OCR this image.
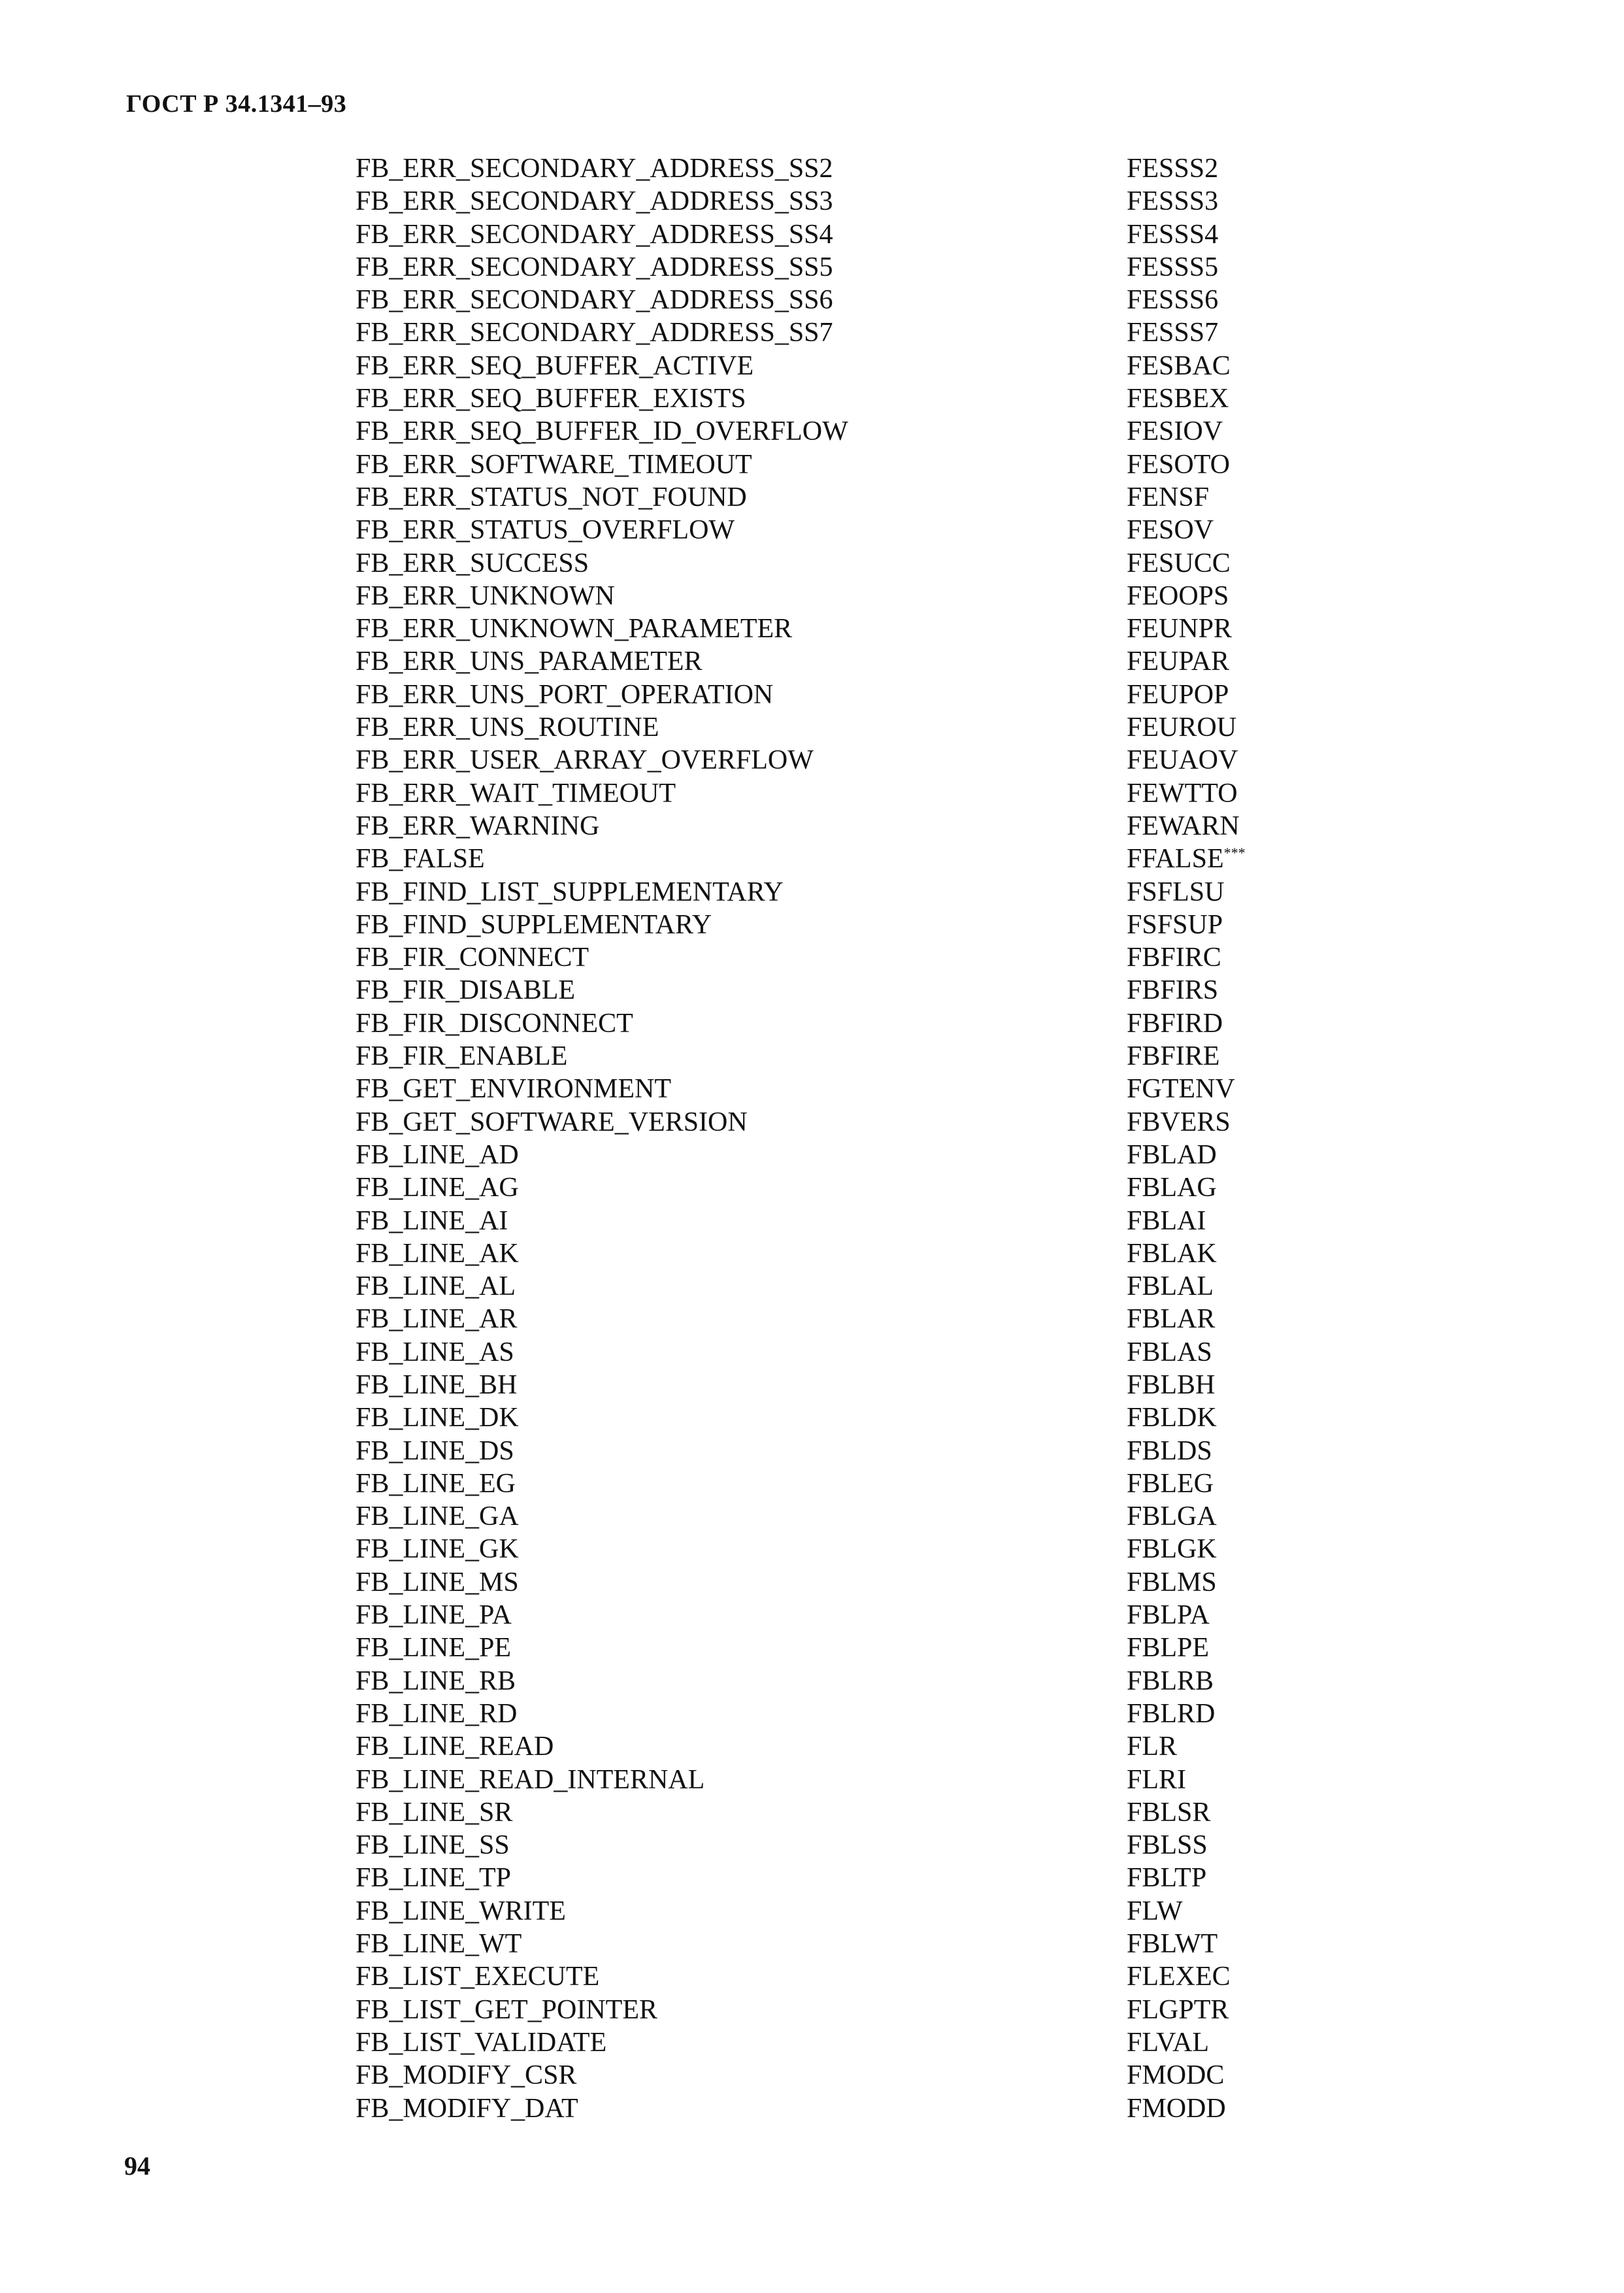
ГОСТ Р 34.1341–93
FB_ERR_SECONDARY_ADDRESS_SS2	FESSS2
FB_ERR_SECONDARY_ADDRESS_SS3	FESSS3
FB_ERR_SECONDARY_ADDRESS_SS4	FESSS4
FB_ERR_SECONDARY_ADDRESS_SS5	FESSS5
FB_ERR_SECONDARY_ADDRESS_SS6	FESSS6
FB_ERR_SECONDARY_ADDRESS_SS7	FESSS7
FB_ERR_SEQ_BUFFER_ACTIVE	FESBAC
FB_ERR_SEQ_BUFFER_EXISTS	FESBEX
FB_ERR_SEQ_BUFFER_ID_OVERFLOW	FESIOV
FB_ERR_SOFTWARE_TIMEOUT	FESOTO
FB_ERR_STATUS_NOT_FOUND	FENSF
FB_ERR_STATUS_OVERFLOW	FESOV
FB_ERR_SUCCESS	FESUCC
FB_ERR_UNKNOWN	FEOOPS
FB_ERR_UNKNOWN_PARAMETER	FEUNPR
FB_ERR_UNS_PARAMETER	FEUPAR
FB_ERR_UNS_PORT_OPERATION	FEUPOP
FB_ERR_UNS_ROUTINE	FEUROU
FB_ERR_USER_ARRAY_OVERFLOW	FEUAOV
FB_ERR_WAIT_TIMEOUT	FEWTTO
FB_ERR_WARNING	FEWARN
FB_FALSE	FFALSE***
FB_FIND_LIST_SUPPLEMENTARY	FSFLSU
FB_FIND_SUPPLEMENTARY	FSFSUP
FB_FIR_CONNECT	FBFIRC
FB_FIR_DISABLE	FBFIRS
FB_FIR_DISCONNECT	FBFIRD
FB_FIR_ENABLE	FBFIRE
FB_GET_ENVIRONMENT	FGTENV
FB_GET_SOFTWARE_VERSION	FBVERS
FB_LINE_AD	FBLAD
FB_LINE_AG	FBLAG
FB_LINE_AI	FBLAI
FB_LINE_AK	FBLAK
FB_LINE_AL	FBLAL
FB_LINE_AR	FBLAR
FB_LINE_AS	FBLAS
FB_LINE_BH	FBLBH
FB_LINE_DK	FBLDK
FB_LINE_DS	FBLDS
FB_LINE_EG	FBLEG
FB_LINE_GA	FBLGA
FB_LINE_GK	FBLGK
FB_LINE_MS	FBLMS
FB_LINE_PA	FBLPA
FB_LINE_PE	FBLPE
FB_LINE_RB	FBLRB
FB_LINE_RD	FBLRD
FB_LINE_READ	FLR
FB_LINE_READ_INTERNAL	FLRI
FB_LINE_SR	FBLSR
FB_LINE_SS	FBLSS
FB_LINE_TP	FBLTP
FB_LINE_WRITE	FLW
FB_LINE_WT	FBLWT
FB_LIST_EXECUTE	FLEXEC
FB_LIST_GET_POINTER	FLGPTR
FB_LIST_VALIDATE	FLVAL
FB_MODIFY_CSR	FMODC
FB_MODIFY_DAT	FMODD
94
